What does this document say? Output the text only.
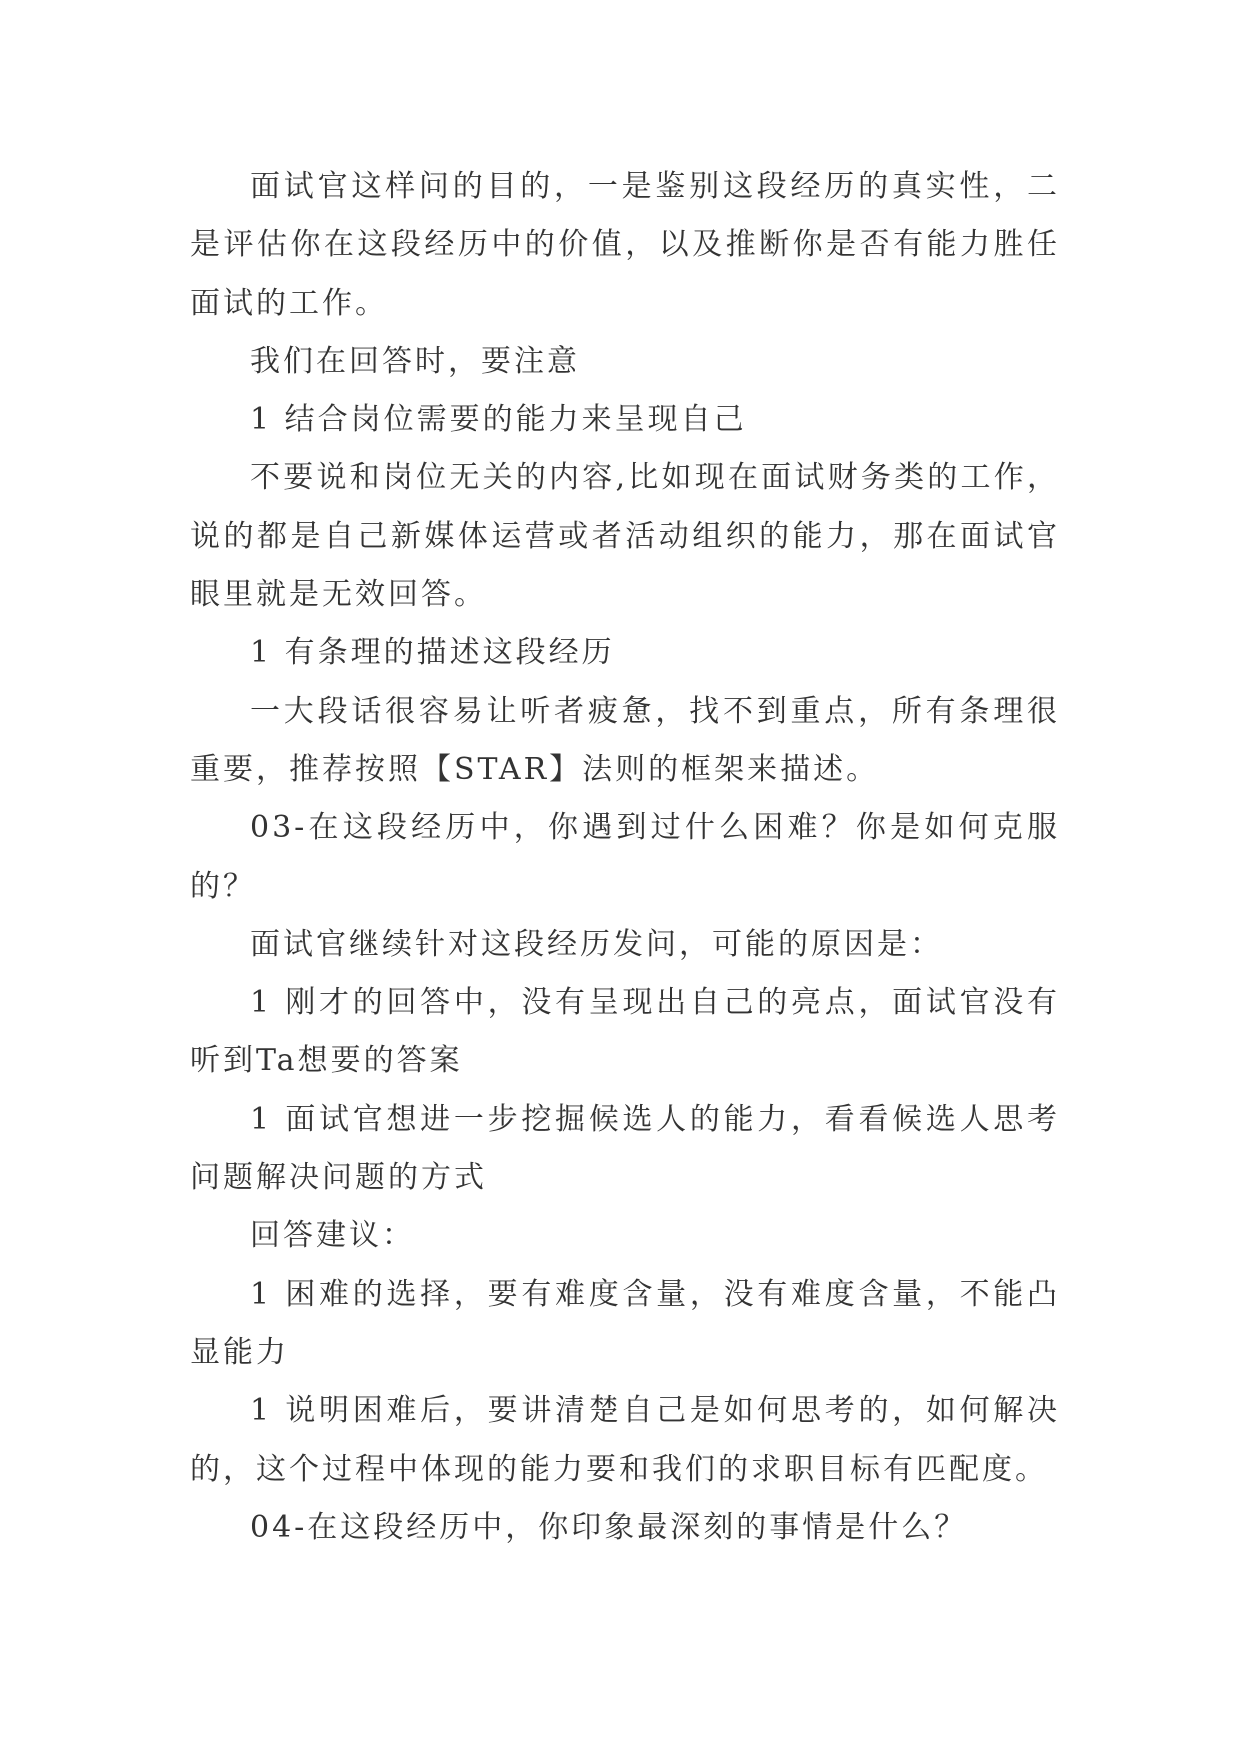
面试官这样问的目的，一是鉴别这段经历的真实性，二是评估你在这段经历中的价值，以及推断你是否有能力胜任面试的工作。

我们在回答时，要注意

1 结合岗位需要的能力来呈现自己

不要说和岗位无关的内容,比如现在面试财务类的工作，说的都是自己新媒体运营或者活动组织的能力，那在面试官眼里就是无效回答。

1 有条理的描述这段经历

一大段话很容易让听者疲惫，找不到重点，所有条理很重要，推荐按照【STAR】法则的框架来描述。

03-在这段经历中，你遇到过什么困难？你是如何克服的？

面试官继续针对这段经历发问，可能的原因是：

1 刚才的回答中，没有呈现出自己的亮点，面试官没有听到Ta想要的答案

1 面试官想进一步挖掘候选人的能力，看看候选人思考问题解决问题的方式

回答建议：

1 困难的选择，要有难度含量，没有难度含量，不能凸显能力

1 说明困难后，要讲清楚自己是如何思考的，如何解决的，这个过程中体现的能力要和我们的求职目标有匹配度。

04-在这段经历中，你印象最深刻的事情是什么？
